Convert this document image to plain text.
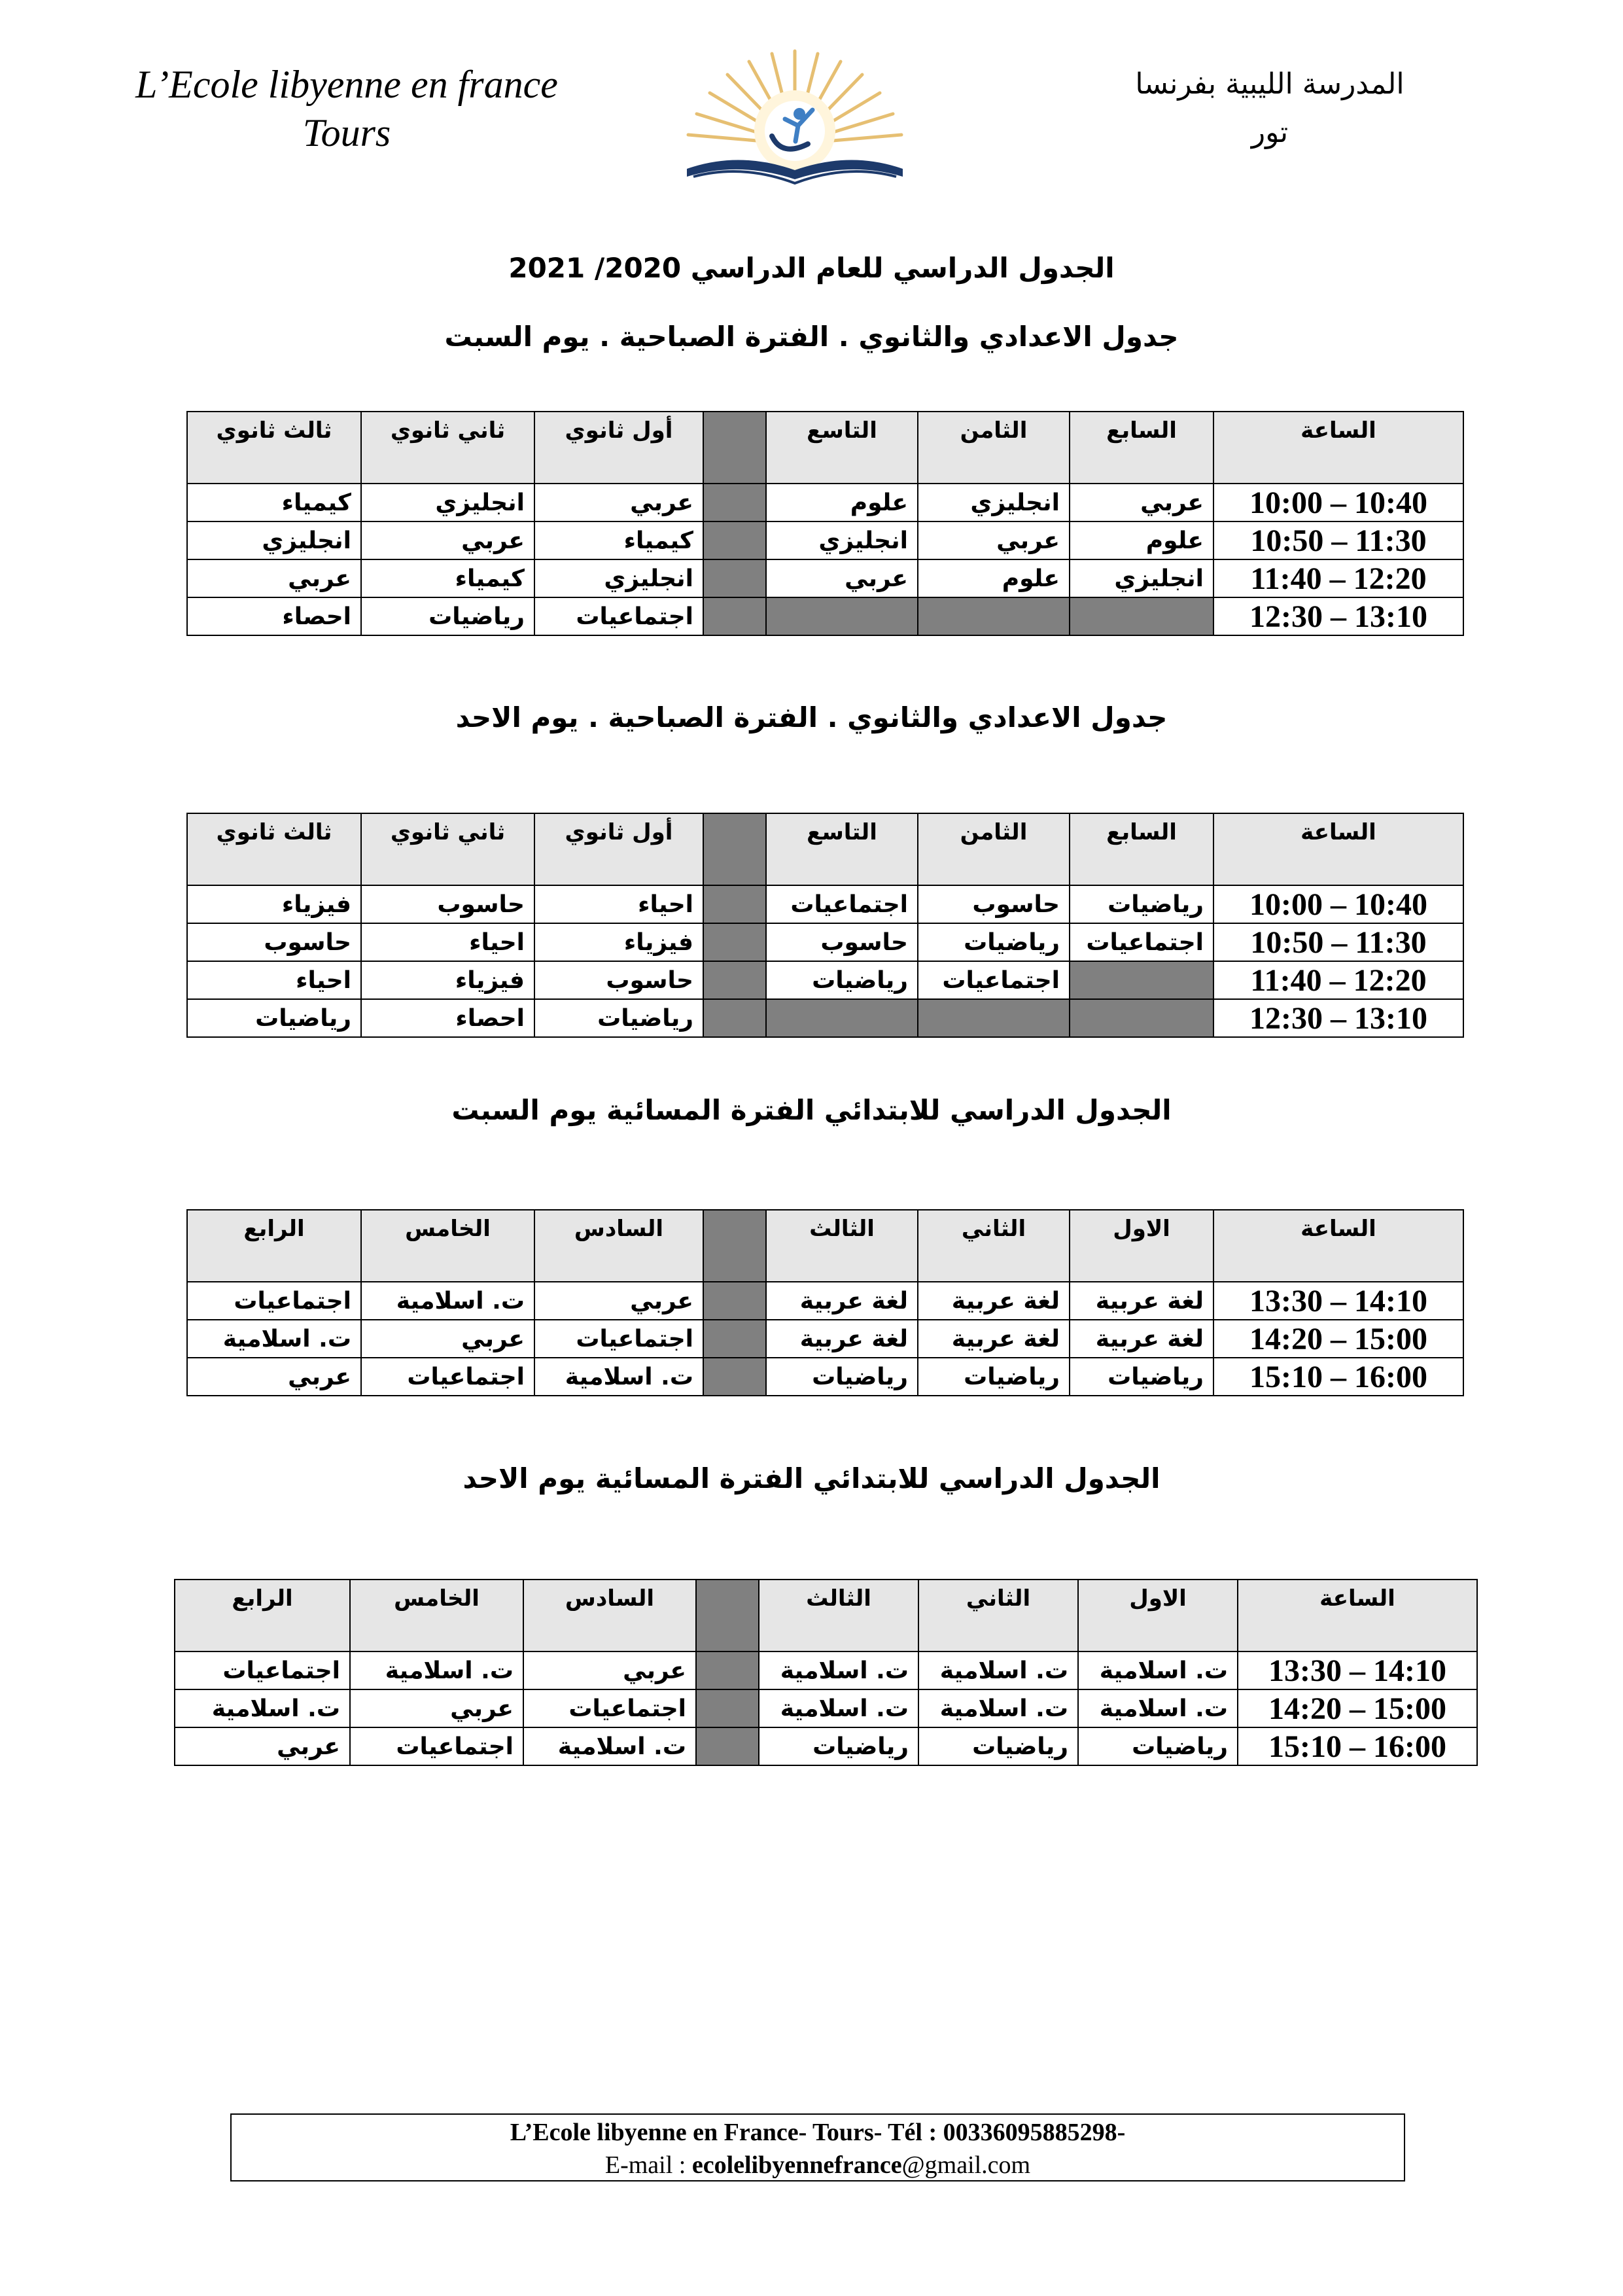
L’Ecole libyenne en france
Tours
المدرسة الليبية بفرنسا
تور
الجدول الدراسي للعام الدراسي 2020/ 2021
جدول الاعدادي والثانوي . الفترة الصباحية . يوم السبت
الساعة	السابع	الثامن	التاسع		أول ثانوي	ثاني ثانوي	ثالث ثانوي
10:00 – 10:40	عربي	انجليزي	علوم		عربي	انجليزي	كيمياء
10:50 – 11:30	علوم	عربي	انجليزي		كيمياء	عربي	انجليزي
11:40 – 12:20	انجليزي	علوم	عربي		انجليزي	كيمياء	عربي
12:30 – 13:10					اجتماعيات	رياضيات	احصاء
جدول الاعدادي والثانوي . الفترة الصباحية . يوم الاحد
الساعة	السابع	الثامن	التاسع		أول ثانوي	ثاني ثانوي	ثالث ثانوي
10:00 – 10:40	رياضيات	حاسوب	اجتماعيات		احياء	حاسوب	فيزياء
10:50 – 11:30	اجتماعيات	رياضيات	حاسوب		فيزياء	احياء	حاسوب
11:40 – 12:20		اجتماعيات	رياضيات		حاسوب	فيزياء	احياء
12:30 – 13:10					رياضيات	احصاء	رياضيات
الجدول الدراسي للابتدائي الفترة المسائية يوم السبت
الساعة	الاول	الثاني	الثالث		السادس	الخامس	الرابع
13:30 – 14:10	لغة عربية	لغة عربية	لغة عربية		عربي	ت. اسلامية	اجتماعيات
14:20 – 15:00	لغة عربية	لغة عربية	لغة عربية		اجتماعيات	عربي	ت. اسلامية
15:10 – 16:00	رياضيات	رياضيات	رياضيات		ت. اسلامية	اجتماعيات	عربي
الجدول الدراسي للابتدائي الفترة المسائية يوم الاحد
الساعة	الاول	الثاني	الثالث		السادس	الخامس	الرابع
13:30 – 14:10	ت. اسلامية	ت. اسلامية	ت. اسلامية		عربي	ت. اسلامية	اجتماعيات
14:20 – 15:00	ت. اسلامية	ت. اسلامية	ت. اسلامية		اجتماعيات	عربي	ت. اسلامية
15:10 – 16:00	رياضيات	رياضيات	رياضيات		ت. اسلامية	اجتماعيات	عربي
L’Ecole libyenne en France- Tours- Tél : 00336095885298-
E-mail : ecolelibyennefrance@gmail.com
